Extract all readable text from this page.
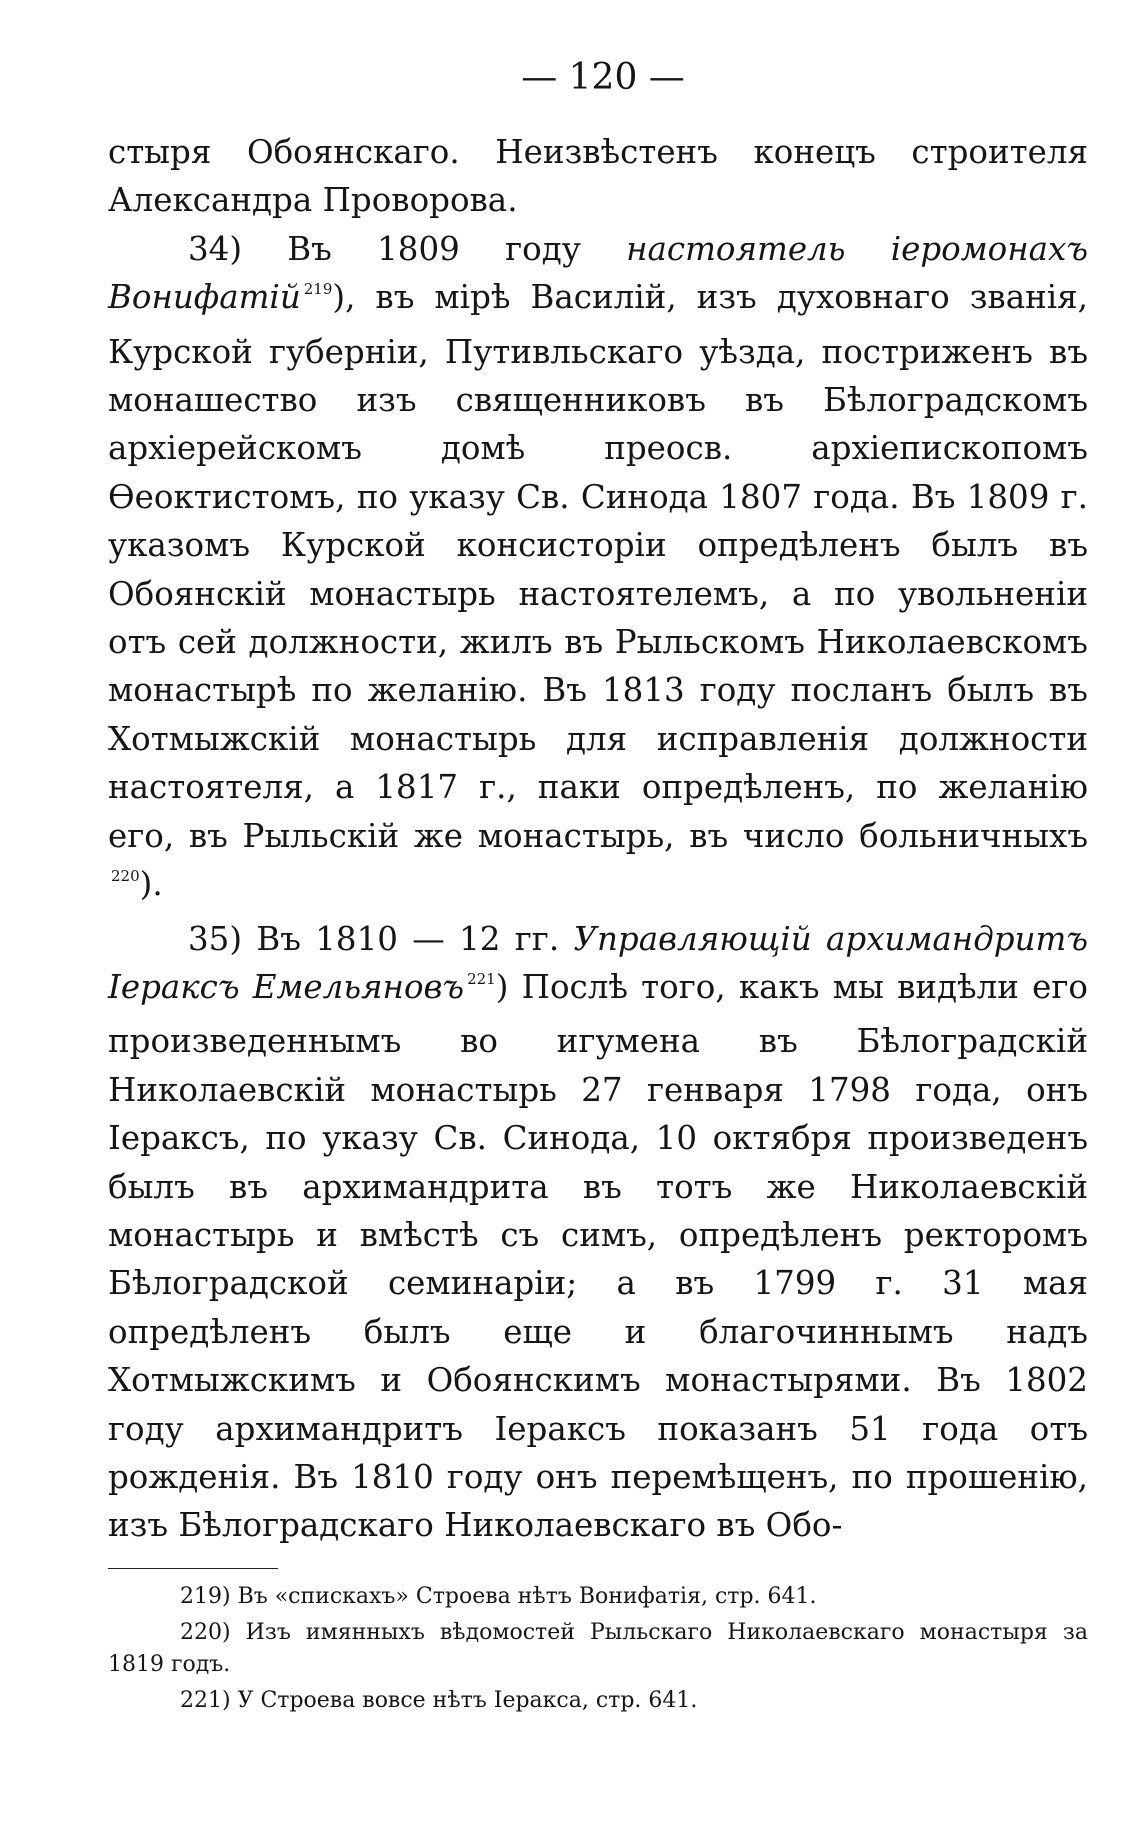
— 120 —

стыря Обоянскаго. Неизвѣстенъ конецъ строителя Александра Проворова.

34) Въ 1809 году настоятель іеромонахъ Вонифатій $^{219}$), въ мірѣ Василій, изъ духовнаго званія, Курской губерніи, Путивльскаго уѣзда, постриженъ въ монашество изъ священниковъ въ Бѣлоградскомъ архіерейскомъ домѣ преосв. архіепископомъ Ѳеоктистомъ, по указу Св. Синода 1807 года. Въ 1809 г. указомъ Курской консисторіи опредѣленъ былъ въ Обоянскій монастырь настоятелемъ, а по увольненіи отъ сей должности, жилъ въ Рыльскомъ Николаевскомъ монастырѣ по желанію. Въ 1813 году посланъ былъ въ Хотмыжскій монастырь для исправленія должности настоятеля, а 1817 г., паки опредѣленъ, по желанію его, въ Рыльскій же монастырь, въ число больничныхъ $^{220}$).

35) Въ 1810 — 12 гг. Управляющій архимандритъ Іераксъ Емельяновъ $^{221}$) Послѣ того, какъ мы видѣли его произведеннымъ во игумена въ Бѣлоградскій Николаевскій монастырь 27 генваря 1798 года, онъ Іераксъ, по указу Св. Синода, 10 октября произведенъ былъ въ архимандрита въ тотъ же Николаевскій монастырь и вмѣстѣ съ симъ, опредѣленъ ректоромъ Бѣлоградской семинаріи; а въ 1799 г. 31 мая опредѣленъ былъ еще и благочиннымъ надъ Хотмыжскимъ и Обоянскимъ монастырями. Въ 1802 году архимандритъ Іераксъ показанъ 51 года отъ рожденія. Въ 1810 году онъ перемѣщенъ, по прошенію, изъ Бѣлоградскаго Николаевскаго въ Обо-

219) Въ «спискахъ» Строева нѣтъ Вонифатія, стр. 641.

220) Изъ имянныхъ вѣдомостей Рыльскаго Николаевскаго монастыря за 1819 годъ.

221) У Строева вовсе нѣтъ Іеракса, стр. 641.
